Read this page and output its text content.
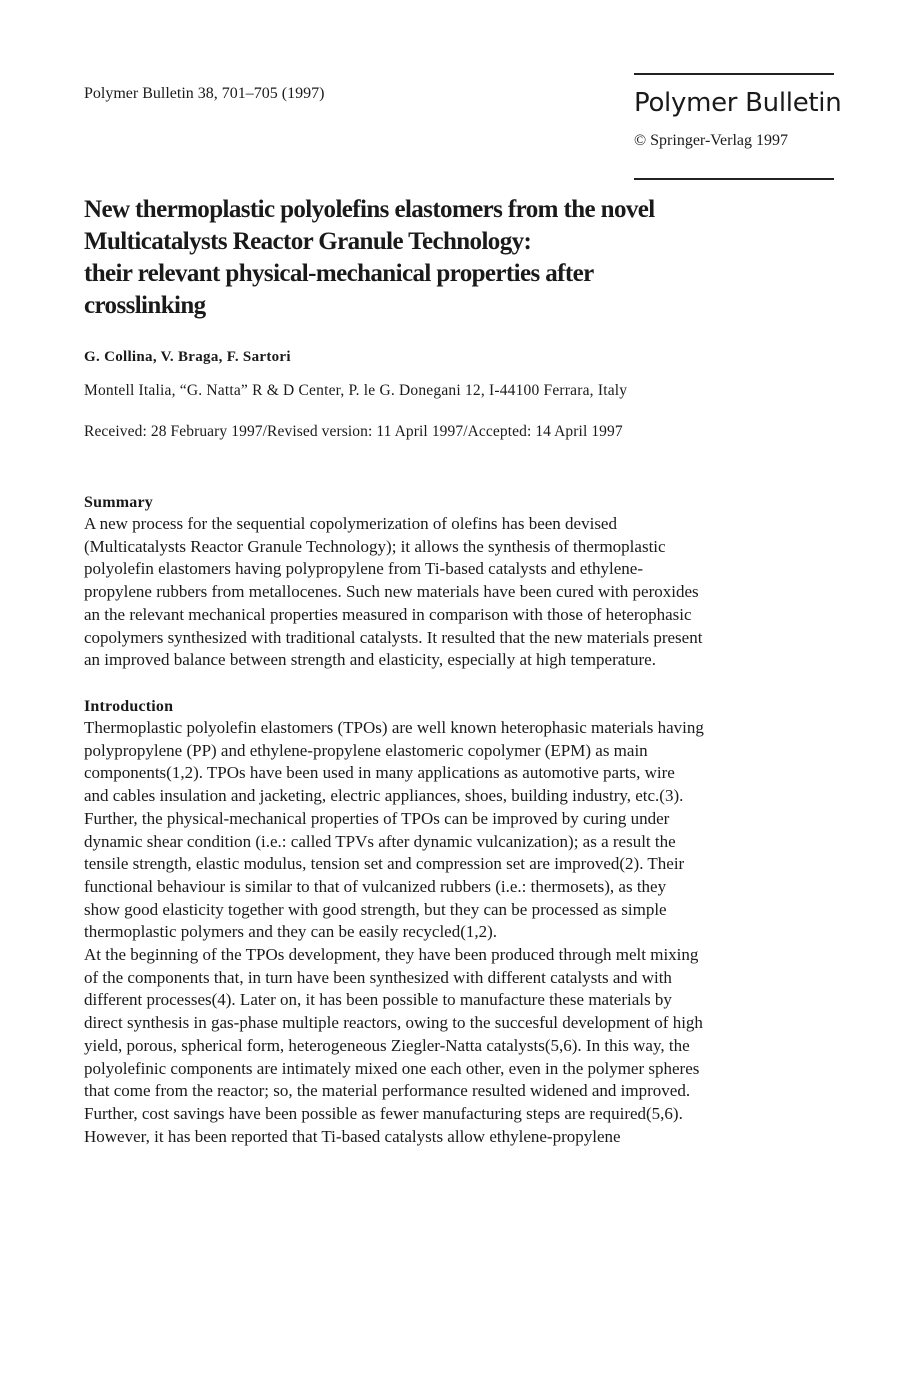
Polymer Bulletin 38, 701–705 (1997)	Polymer Bulletin
© Springer-Verlag 1997
New thermoplastic polyolefins elastomers from the novel
Multicatalysts Reactor Granule Technology:
their relevant physical-mechanical properties after
crosslinking
G. Collina, V. Braga, F. Sartori
Montell Italia, “G. Natta” R & D Center, P. le G. Donegani 12, I-44100 Ferrara, Italy
Received: 28 February 1997/Revised version: 11 April 1997/Accepted: 14 April 1997
Summary
A new process for the sequential copolymerization of olefins has been devised
(Multicatalysts Reactor Granule Technology); it allows the synthesis of thermoplastic
polyolefin elastomers having polypropylene from Ti-based catalysts and ethylene-
propylene rubbers from metallocenes. Such new materials have been cured with peroxides
an the relevant mechanical properties measured in comparison with those of heterophasic
copolymers synthesized with traditional catalysts. It resulted that the new materials present
an improved balance between strength and elasticity, especially at high temperature.
Introduction
Thermoplastic polyolefin elastomers (TPOs) are well known heterophasic materials having
polypropylene (PP) and ethylene-propylene elastomeric copolymer (EPM) as main
components(1,2). TPOs have been used in many applications as automotive parts, wire
and cables insulation and jacketing, electric appliances, shoes, building industry, etc.(3).
Further, the physical-mechanical properties of TPOs can be improved by curing under
dynamic shear condition (i.e.: called TPVs after dynamic vulcanization); as a result the
tensile strength, elastic modulus, tension set and compression set are improved(2). Their
functional behaviour is similar to that of vulcanized rubbers (i.e.: thermosets), as they
show good elasticity together with good strength, but they can be processed as simple
thermoplastic polymers and they can be easily recycled(1,2).
At the beginning of the TPOs development, they have been produced through melt mixing
of the components that, in turn have been synthesized with different catalysts and with
different processes(4). Later on, it has been possible to manufacture these materials by
direct synthesis in gas-phase multiple reactors, owing to the succesful development of high
yield, porous, spherical form, heterogeneous Ziegler-Natta catalysts(5,6). In this way, the
polyolefinic components are intimately mixed one each other, even in the polymer spheres
that come from the reactor; so, the material performance resulted widened and improved.
Further, cost savings have been possible as fewer manufacturing steps are required(5,6).
However, it has been reported that Ti-based catalysts allow ethylene-propylene
